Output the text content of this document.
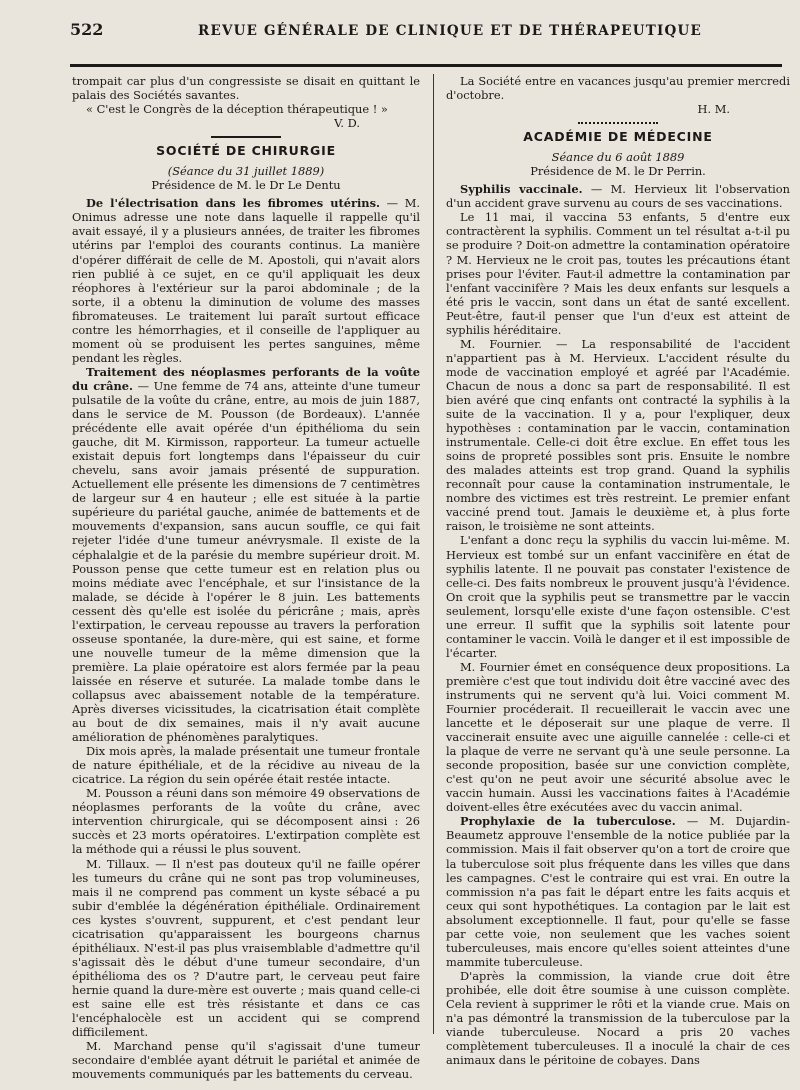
522	REVUE GÉNÉRALE DE CLINIQUE ET DE THÉRAPEUTIQUE

trompait car plus d'un congressiste se disait en quittant le palais des Sociétés savantes.

« C'est le Congrès de la déception thérapeutique ! »

V. D.

SOCIÉTÉ DE CHIRURGIE

(Séance du 31 juillet 1889)

Présidence de M. le Dr Le Dentu

De l'électrisation dans les fibromes utérins. — M. Onimus adresse une note dans laquelle il rappelle qu'il avait essayé, il y a plusieurs années, de traiter les fibromes utérins par l'emploi des courants continus. La manière d'opérer différait de celle de M. Apostoli, qui n'avait alors rien publié à ce sujet, en ce qu'il appliquait les deux réophores à l'extérieur sur la paroi abdominale ; de la sorte, il a obtenu la diminution de volume des masses fibromateuses. Le traitement lui paraît surtout efficace contre les hémorrhagies, et il conseille de l'appliquer au moment où se produisent les pertes sanguines, même pendant les règles.

Traitement des néoplasmes perforants de la voûte du crâne. — Une femme de 74 ans, atteinte d'une tumeur pulsatile de la voûte du crâne, entre, au mois de juin 1887, dans le service de M. Pousson (de Bordeaux). L'année précédente elle avait opérée d'un épithélioma du sein gauche, dit M. Kirmisson, rapporteur. La tumeur actuelle existait depuis fort longtemps dans l'épaisseur du cuir chevelu, sans avoir jamais présenté de suppuration. Actuellement elle présente les dimensions de 7 centimètres de largeur sur 4 en hauteur ; elle est située à la partie supérieure du pariétal gauche, animée de battements et de mouvements d'expansion, sans aucun souffle, ce qui fait rejeter l'idée d'une tumeur anévrysmale. Il existe de la céphalalgie et de la parésie du membre supérieur droit. M. Pousson pense que cette tumeur est en relation plus ou moins médiate avec l'encéphale, et sur l'insistance de la malade, se décide à l'opérer le 8 juin. Les battements cessent dès qu'elle est isolée du péricrâne ; mais, après l'extirpation, le cerveau repousse au travers la perforation osseuse spontanée, la dure-mère, qui est saine, et forme une nouvelle tumeur de la même dimension que la première. La plaie opératoire est alors fermée par la peau laissée en réserve et suturée. La malade tombe dans le collapsus avec abaissement notable de la température. Après diverses vicissitudes, la cicatrisation était complète au bout de dix semaines, mais il n'y avait aucune amélioration de phénomènes paralytiques.

Dix mois après, la malade présentait une tumeur frontale de nature épithéliale, et de la récidive au niveau de la cicatrice. La région du sein opérée était restée intacte.

M. Pousson a réuni dans son mémoire 49 observations de néoplasmes perforants de la voûte du crâne, avec intervention chirurgicale, qui se décomposent ainsi : 26 succès et 23 morts opératoires. L'extirpation complète est la méthode qui a réussi le plus souvent.

M. Tillaux. — Il n'est pas douteux qu'il ne faille opérer les tumeurs du crâne qui ne sont pas trop volumineuses, mais il ne comprend pas comment un kyste sébacé a pu subir d'emblée la dégénération épithéliale. Ordinairement ces kystes s'ouvrent, suppurent, et c'est pendant leur cicatrisation qu'apparaissent les bourgeons charnus épithéliaux. N'est-il pas plus vraisemblable d'admettre qu'il s'agissait dès le début d'une tumeur secondaire, d'un épithélioma des os ? D'autre part, le cerveau peut faire hernie quand la dure-mère est ouverte ; mais quand celle-ci est saine elle est très résistante et dans ce cas l'encéphalocèle est un accident qui se comprend difficilement.

M. Marchand pense qu'il s'agissait d'une tumeur secondaire d'emblée ayant détruit le pariétal et animée de mouvements communiqués par les battements du cerveau.

La Société entre en vacances jusqu'au premier mercredi d'octobre.

H. M.

ACADÉMIE DE MÉDECINE

Séance du 6 août 1889

Présidence de M. le Dr Perrin.

Syphilis vaccinale. — M. Hervieux lit l'observation d'un accident grave survenu au cours de ses vaccinations.

Le 11 mai, il vaccina 53 enfants, 5 d'entre eux contractèrent la syphilis. Comment un tel résultat a-t-il pu se produire ? Doit-on admettre la contamination opératoire ? M. Hervieux ne le croit pas, toutes les précautions étant prises pour l'éviter. Faut-il admettre la contamination par l'enfant vaccinifère ? Mais les deux enfants sur lesquels a été pris le vaccin, sont dans un état de santé excellent. Peut-être, faut-il penser que l'un d'eux est atteint de syphilis héréditaire.

M. Fournier. — La responsabilité de l'accident n'appartient pas à M. Hervieux. L'accident résulte du mode de vaccination employé et agréé par l'Académie. Chacun de nous a donc sa part de responsabilité. Il est bien avéré que cinq enfants ont contracté la syphilis à la suite de la vaccination. Il y a, pour l'expliquer, deux hypothèses : contamination par le vaccin, contamination instrumentale. Celle-ci doit être exclue. En effet tous les soins de propreté possibles sont pris. Ensuite le nombre des malades atteints est trop grand. Quand la syphilis reconnaît pour cause la contamination instrumentale, le nombre des victimes est très restreint. Le premier enfant vacciné prend tout. Jamais le deuxième et, à plus forte raison, le troisième ne sont atteints.

L'enfant a donc reçu la syphilis du vaccin lui-même. M. Hervieux est tombé sur un enfant vaccinifère en état de syphilis latente. Il ne pouvait pas constater l'existence de celle-ci. Des faits nombreux le prouvent jusqu'à l'évidence. On croit que la syphilis peut se transmettre par le vaccin seulement, lorsqu'elle existe d'une façon ostensible. C'est une erreur. Il suffit que la syphilis soit latente pour contaminer le vaccin. Voilà le danger et il est impossible de l'écarter.

M. Fournier émet en conséquence deux propositions. La première c'est que tout individu doit être vacciné avec des instruments qui ne servent qu'à lui. Voici comment M. Fournier procéderait. Il recueillerait le vaccin avec une lancette et le déposerait sur une plaque de verre. Il vaccinerait ensuite avec une aiguille cannelée : celle-ci et la plaque de verre ne servant qu'à une seule personne. La seconde proposition, basée sur une conviction complète, c'est qu'on ne peut avoir une sécurité absolue avec le vaccin humain. Aussi les vaccinations faites à l'Académie doivent-elles être exécutées avec du vaccin animal.

Prophylaxie de la tuberculose. — M. Dujardin-Beaumetz approuve l'ensemble de la notice publiée par la commission. Mais il fait observer qu'on a tort de croire que la tuberculose soit plus fréquente dans les villes que dans les campagnes. C'est le contraire qui est vrai. En outre la commission n'a pas fait le départ entre les faits acquis et ceux qui sont hypothétiques. La contagion par le lait est absolument exceptionnelle. Il faut, pour qu'elle se fasse par cette voie, non seulement que les vaches soient tuberculeuses, mais encore qu'elles soient atteintes d'une mammite tuberculeuse.

D'après la commission, la viande crue doit être prohibée, elle doit être soumise à une cuisson complète. Cela revient à supprimer le rôti et la viande crue. Mais on n'a pas démontré la transmission de la tuberculose par la viande tuberculeuse. Nocard a pris 20 vaches complètement tuberculeuses. Il a inoculé la chair de ces animaux dans le péritoine de cobayes. Dans
